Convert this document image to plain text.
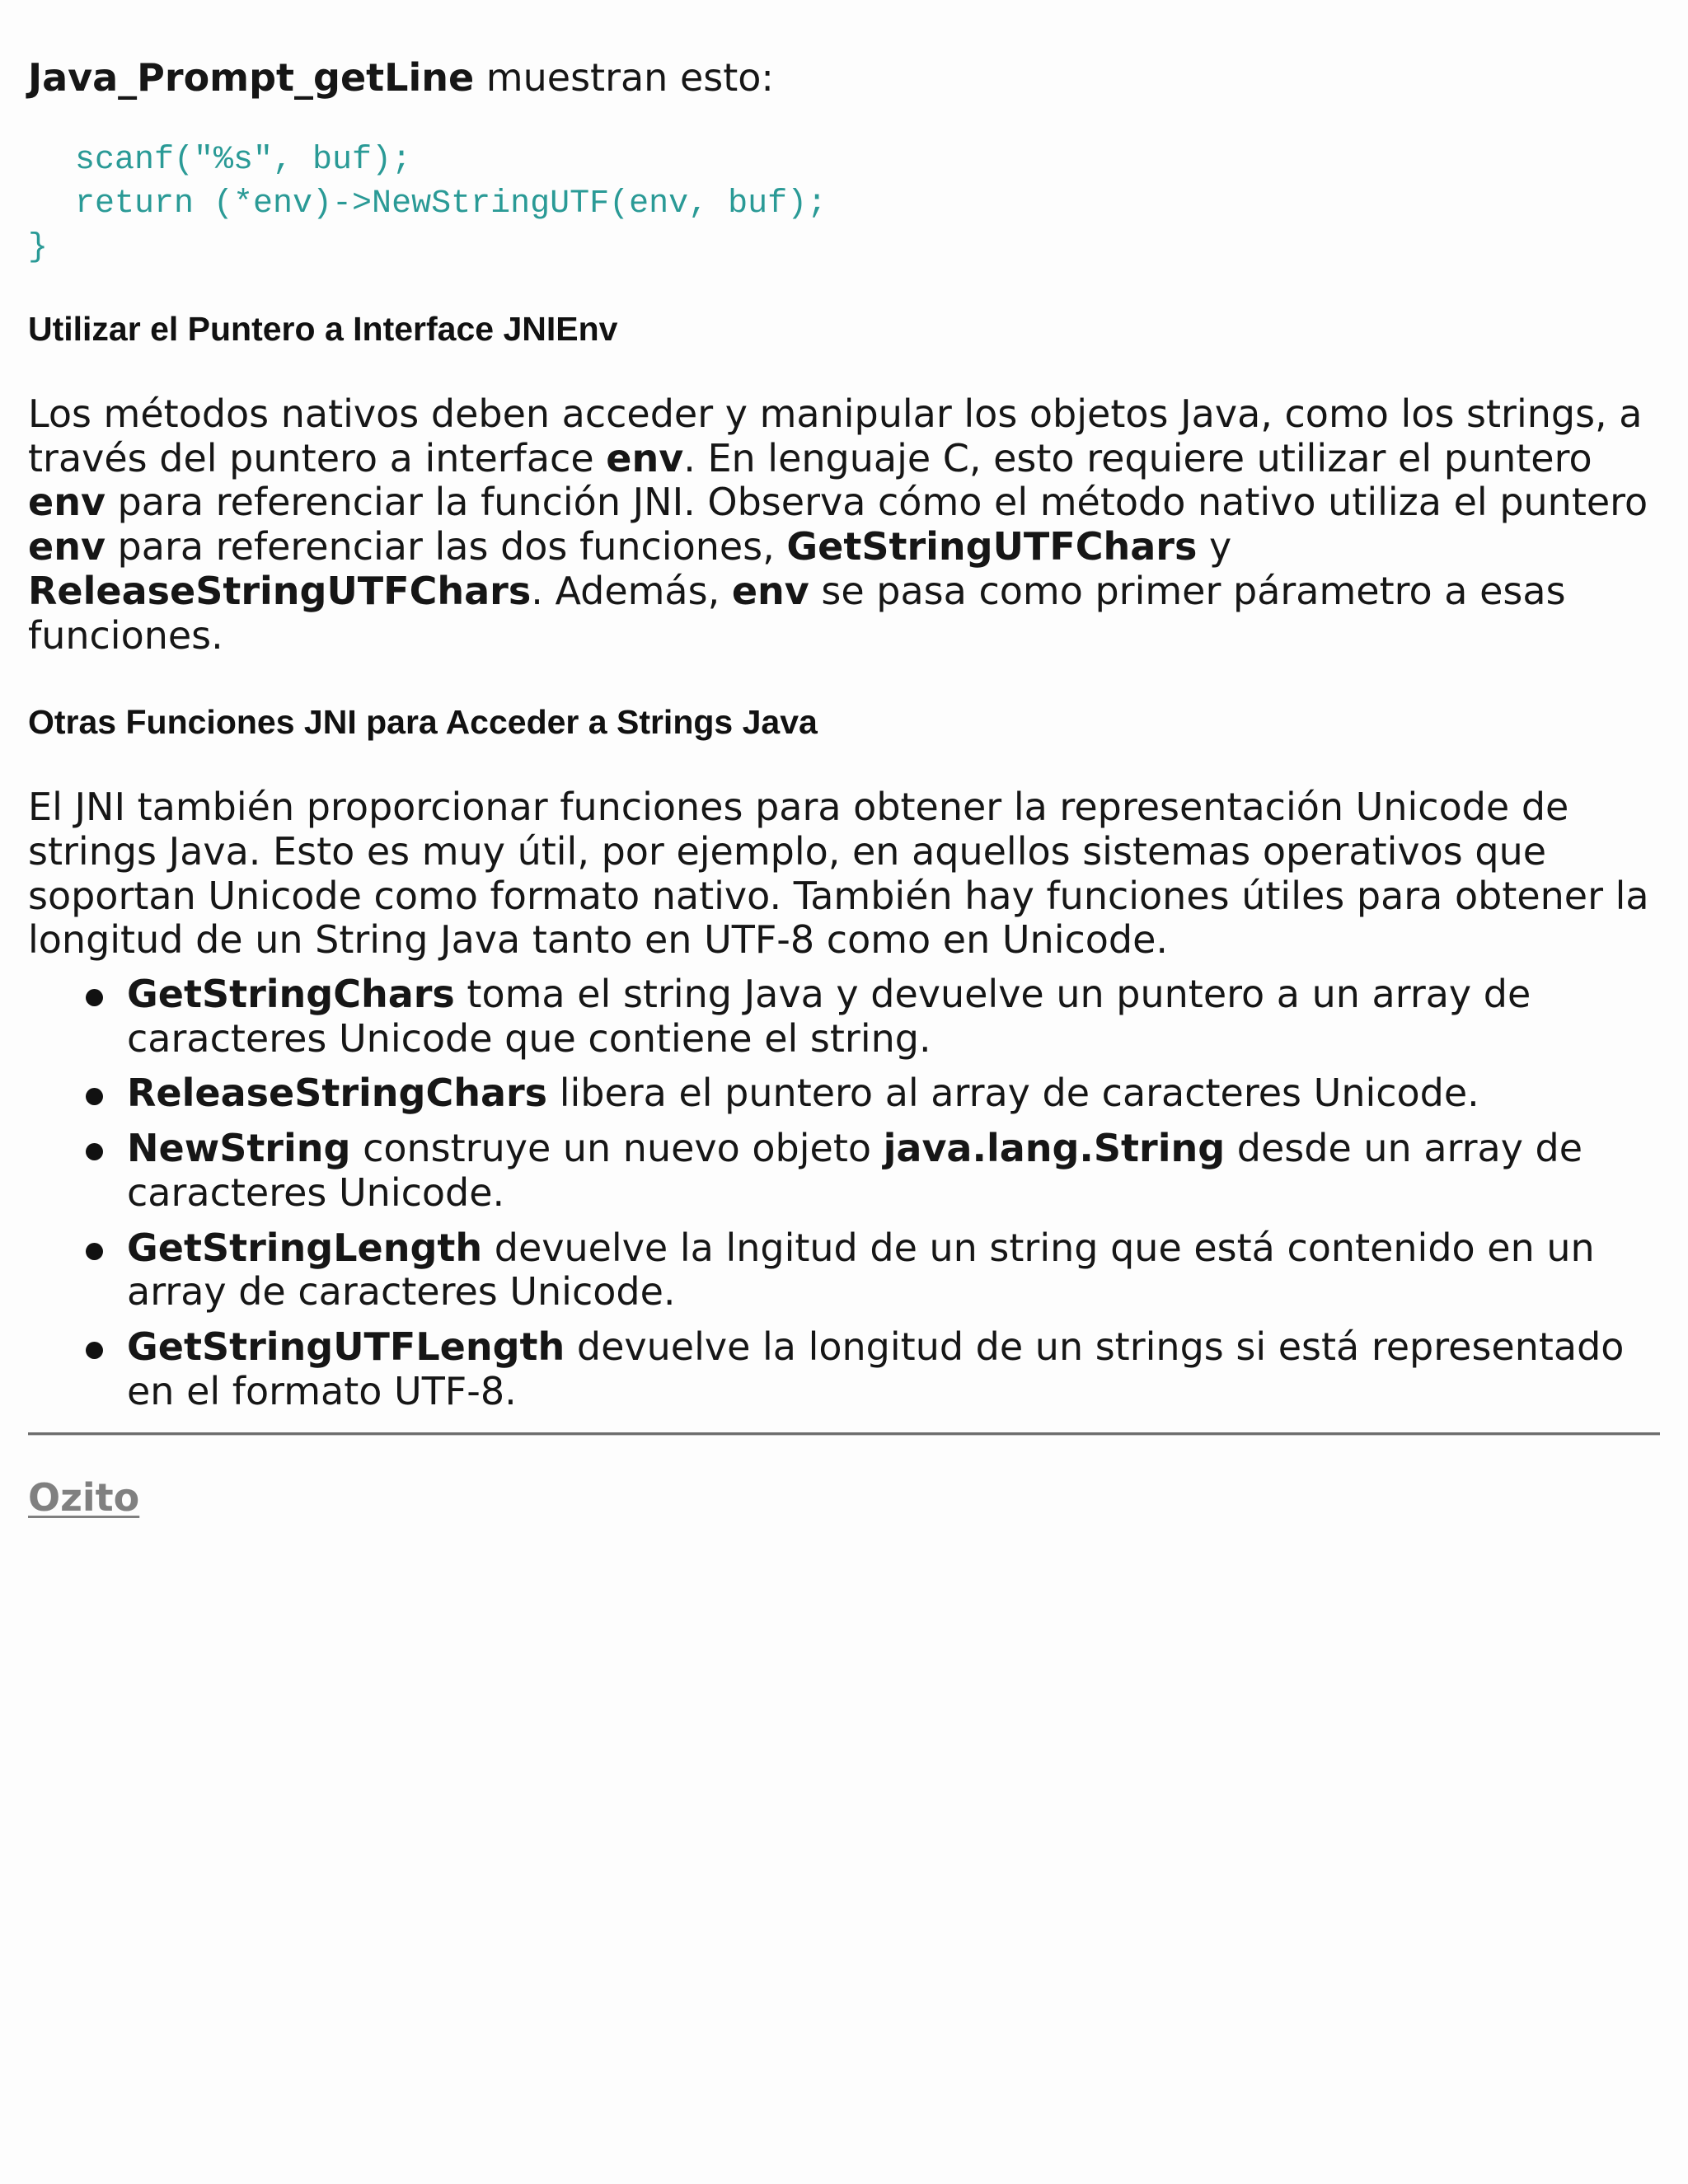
Java_Prompt_getLine muestran esto:

scanf("%s", buf);
return (*env)->NewStringUTF(env, buf);
}
Utilizar el Puntero a Interface JNIEnv

Los métodos nativos deben acceder y manipular los objetos Java, como los strings, a través del puntero a interface env. En lenguaje C, esto requiere utilizar el puntero env para referenciar la función JNI. Observa cómo el método nativo utiliza el puntero env para referenciar las dos funciones, GetStringUTFChars y ReleaseStringUTFChars. Además, env se pasa como primer párametro a esas funciones.

Otras Funciones JNI para Acceder a Strings Java

El JNI también proporcionar funciones para obtener la representación Unicode de strings Java. Esto es muy útil, por ejemplo, en aquellos sistemas operativos que soportan Unicode como formato nativo. También hay funciones útiles para obtener la longitud de un String Java tanto en UTF-8 como en Unicode.

GetStringChars toma el string Java y devuelve un puntero a un array de caracteres Unicode que contiene el string.
ReleaseStringChars libera el puntero al array de caracteres Unicode.
NewString construye un nuevo objeto java.lang.String desde un array de caracteres Unicode.
GetStringLength devuelve la lngitud de un string que está contenido en un array de caracteres Unicode.
GetStringUTFLength devuelve la longitud de un strings si está representado en el formato UTF-8.
Ozito
